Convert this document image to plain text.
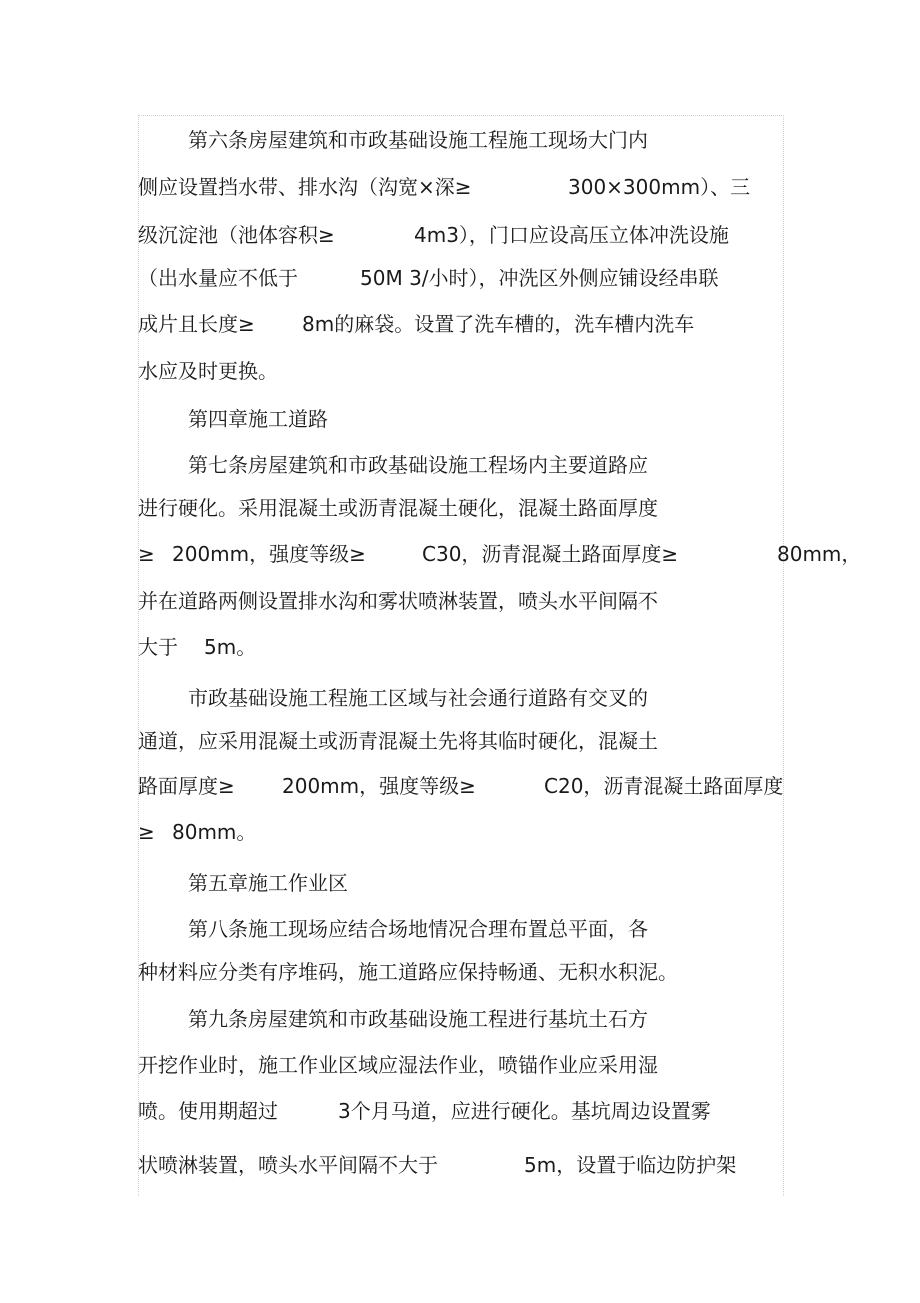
第六条房屋建筑和市政基础设施工程施工现场大门内
侧应设置挡水带、排水沟（沟宽×深≥	300×300mm）、三
级沉淀池（池体容积≥	4m3），门口应设高压立体冲洗设施
（出水量应不低于	50M 3/小时），冲洗区外侧应铺设经串联
成片且长度≥ 8m的麻袋。设置了洗车槽的，洗车槽内洗车
水应及时更换。
第四章施工道路
第七条房屋建筑和市政基础设施工程场内主要道路应
进行硬化。采用混凝土或沥青混凝土硬化，混凝土路面厚度
≥ 200mm，强度等级≥	C30，沥青混凝土路面厚度≥	80mm，
并在道路两侧设置排水沟和雾状喷淋装置，喷头水平间隔不
大于 5m。
市政基础设施工程施工区域与社会通行道路有交叉的
通道，应采用混凝土或沥青混凝土先将其临时硬化，混凝土
路面厚度≥ 200mm，强度等级≥	C20，沥青混凝土路面厚度
≥ 80mm。
第五章施工作业区
第八条施工现场应结合场地情况合理布置总平面，各
种材料应分类有序堆码，施工道路应保持畅通、无积水积泥。
第九条房屋建筑和市政基础设施工程进行基坑土石方
开挖作业时，施工作业区域应湿法作业，喷锚作业应采用湿
喷。使用期超过	3个月马道，应进行硬化。基坑周边设置雾
状喷淋装置，喷头水平间隔不大于	5m，设置于临边防护架
